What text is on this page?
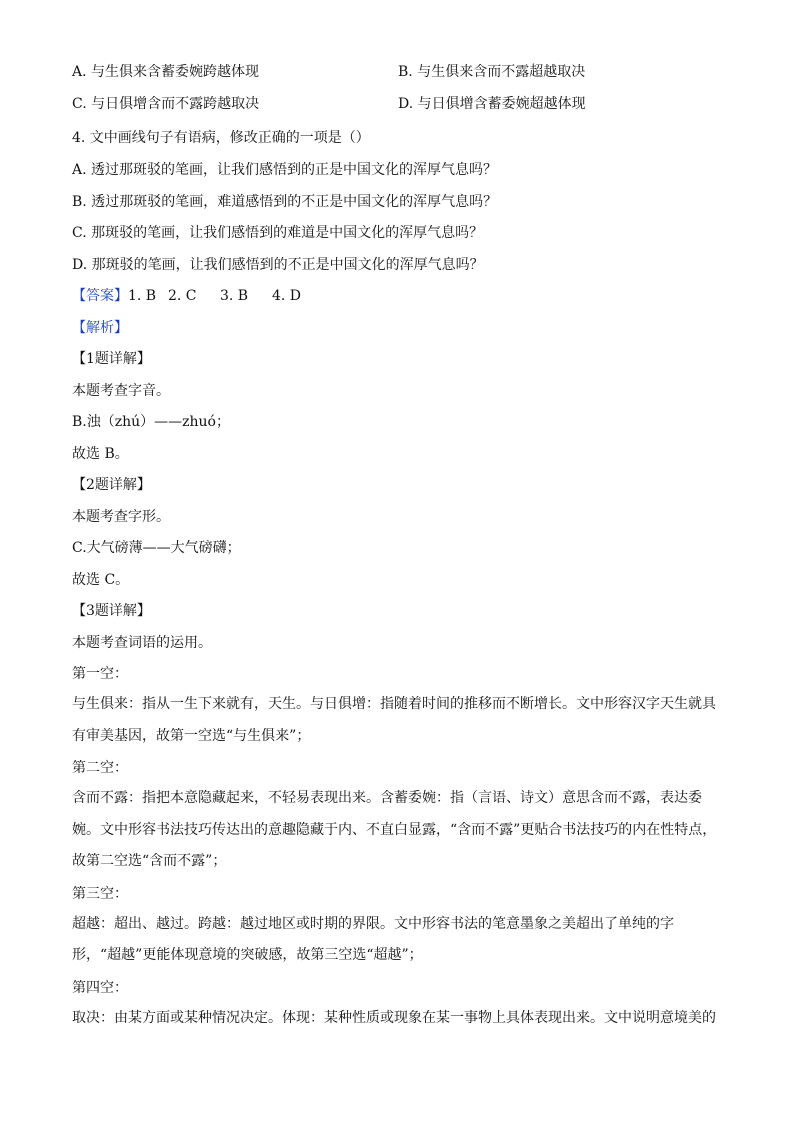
A. 与生俱来含蓄委婉跨越体现	B. 与生俱来含而不露超越取决
C. 与日俱增含而不露跨越取决	D. 与日俱增含蓄委婉超越体现

4. 文中画线句子有语病，修改正确的一项是（）

A. 透过那斑驳的笔画，让我们感悟到的正是中国文化的浑厚气息吗？

B. 透过那斑驳的笔画，难道感悟到的不正是中国文化的浑厚气息吗？

C. 那斑驳的笔画，让我们感悟到的难道是中国文化的浑厚气息吗？

D. 那斑驳的笔画，让我们感悟到的不正是中国文化的浑厚气息吗？

【答案】1. B 2. C 3. B 4. D

【解析】

【1题详解】

本题考查字音。

B.浊（zhú）——zhuó；

故选 B。

【2题详解】

本题考查字形。

C.大气磅薄——大气磅礴；

故选 C。

【3题详解】

本题考查词语的运用。

第一空：

与生俱来：指从一生下来就有，天生。与日俱增：指随着时间的推移而不断增长。文中形容汉字天生就具有审美基因，故第一空选“与生俱来”；

第二空：

含而不露：指把本意隐藏起来，不轻易表现出来。含蓄委婉：指（言语、诗文）意思含而不露，表达委婉。文中形容书法技巧传达出的意趣隐藏于内、不直白显露，“含而不露”更贴合书法技巧的内在性特点，故第二空选“含而不露”；

第三空：

超越：超出、越过。跨越：越过地区或时期的界限。文中形容书法的笔意墨象之美超出了单纯的字形，“超越”更能体现意境的突破感，故第三空选“超越”；

第四空：

取决：由某方面或某种情况决定。体现：某种性质或现象在某一事物上具体表现出来。文中说明意境美的
